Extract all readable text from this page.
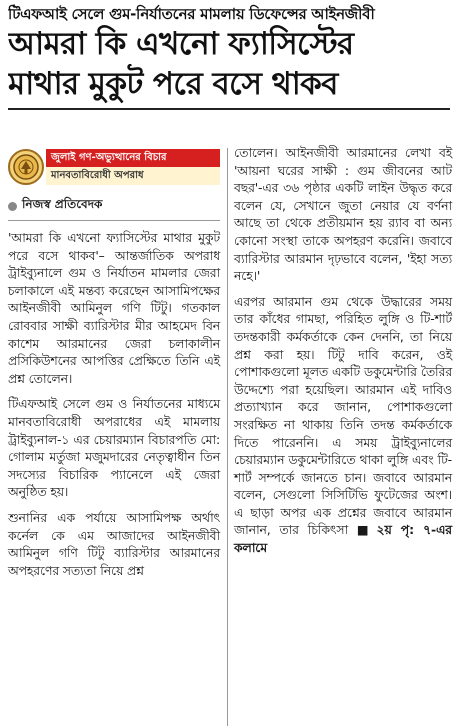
টিএফআই সেলে গুম-নির্যাতনের মামলায় ডিফেন্সের আইনজীবী
আমরা কি এখনো ফ্যাসিস্টের
মাথার মুকুট পরে বসে থাকব
জুলাই গণ-অভ্যুত্থানের বিচার
মানবতাবিরোধী অপরাধ
নিজস্ব প্রতিবেদক

'আমরা কি এখনো ফ্যাসিস্টের মাথার মুকুট পরে বসে থাকব'– আন্তর্জাতিক অপরাধ ট্রাইব্যুনালে গুম ও নির্যাতন মামলার জেরা চলাকালে এই মন্তব্য করেছেন আসামিপক্ষের আইনজীবী আমিনুল গণি টিটু। গতকাল রোববার সাক্ষী ব্যারিস্টার মীর আহমেদ বিন কাশেম আরমানের জেরা চলাকালীন প্রসিকিউশনের আপত্তির প্রেক্ষিতে তিনি এই প্রশ্ন তোলেন।

টিএফআই সেলে গুম ও নির্যাতনের মাধ্যমে মানবতাবিরোধী অপরাধের এই মামলায় ট্রাইব্যুনাল-১ এর চেয়ারম্যান বিচারপতি মো: গোলাম মর্তুজা মজুমদারের নেতৃত্বাধীন তিন সদস্যের বিচারিক প্যানেলে এই জেরা অনুষ্ঠিত হয়।

শুনানির এক পর্যায়ে আসামিপক্ষ অর্থাৎ কর্নেল কে এম আজাদের আইনজীবী আমিনুল গণি টিটু ব্যারিস্টার আরমানের অপহরণের সত্যতা নিয়ে প্রশ্ন

তোলেন। আইনজীবী আরমানের লেখা বই 'আয়না ঘরের সাক্ষী : গুম জীবনের আট বছর'-এর ৩৬ পৃষ্ঠার একটি লাইন উদ্ধৃত করে বলেন যে, সেখানে জুতা নেয়ার যে বর্ণনা আছে তা থেকে প্রতীয়মান হয় র‍্যাব বা অন্য কোনো সংস্থা তাকে অপহরণ করেনি। জবাবে ব্যারিস্টার আরমান দৃঢ়ভাবে বলেন, 'ইহা সত্য নহে।'

এরপর আরমান গুম থেকে উদ্ধারের সময় তার কাঁধের গামছা, পরিহিত লুঙ্গি ও টি-শার্ট তদন্তকারী কর্মকর্তাকে কেন দেননি, তা নিয়ে প্রশ্ন করা হয়। টিটু দাবি করেন, ওই পোশাকগুলো মূলত একটি ডকুমেন্টারি তৈরির উদ্দেশ্যে পরা হয়েছিল। আরমান এই দাবিও প্রত্যাখ্যান করে জানান, পোশাকগুলো সংরক্ষিত না থাকায় তিনি তদন্ত কর্মকর্তাকে দিতে পারেননি। এ সময় ট্রাইব্যুনালের চেয়ারম্যান ডকুমেন্টারিতে থাকা লুঙ্গি এবং টি-শার্ট সম্পর্কে জানতে চান। জবাবে আরমান বলেন, সেগুলো সিসিটিভি ফুটেজের অংশ। এ ছাড়া অপর এক প্রশ্নের জবাবে আরমান জানান, তার চিকিৎসা ■ ২য় পৃ: ৭-এর কলামে
